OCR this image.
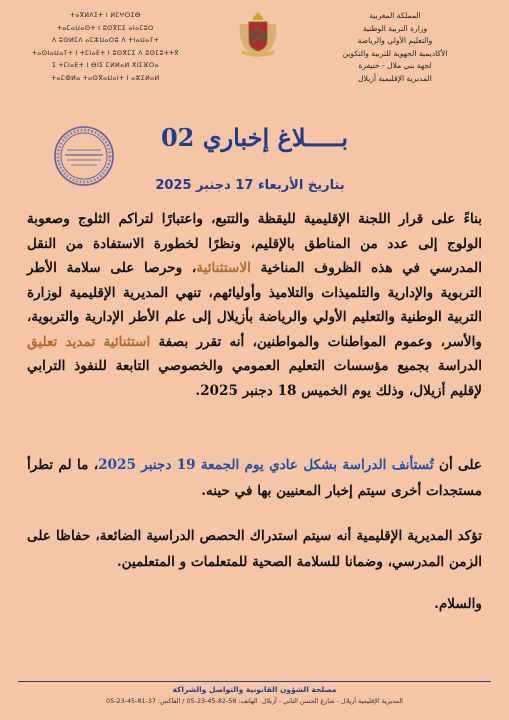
ⵜⴰⴳⵍⴷⵉⵜ ⵏ ⵍⵎⵖⵔⵉⴱ
ⵜⴰⵎⴰⵡⴰⵙⵜ ⵏ ⵓⵙⴳⵎⵉ ⴰⵏⴰⵎⵓⵔ
ⴷ ⵓⵙⵍⵎⴷ ⴰⵎⵣⵡⴰⵔⵓ ⴷ ⵜⵏⴰⵡⴰⵢⵜ
ⵜⴰⵙⵏⴰⵡⴰⵢⵜ ⵏ ⵜⵎⵏⴰⴹⵜ ⵏ ⵓⵙⴳⵎⵉ ⴷ ⵓⵙⵎⵓⵜⵜⴳ
ⵉ ⵜⵎⵏⴰⴹⵜ ⵏ ⴱⵏⵉ ⵎⵍⵍⴰⵍ ⵅⵏⵉⴼⵔⴰ
ⵜⴰⵎⵀⵍⴰ ⵜⴰⵙⴳⴰⵡⴰⵏⵜ ⵏ ⴰⵣⵉⵍⴰⵍ
المملكة المغربية
وزارة التربية الوطنية
والتعليم الأولي والرياضة
الأكاديمية الجهوية للتربية والتكوين
لجهة بني ملال - خنيفرة
المديرية الإقليمية أزيلال
بـــــلاغ إخباري 02
بتاريخ الأربعاء 17 دجنبر 2025
بناءً على قرار اللجنة الإقليمية لليقظة والتتبع، واعتبارًا لتراكم الثلوج وصعوبة الولوج إلى عدد من المناطق بالإقليم، ونظرًا لخطورة الاستفادة من النقل المدرسي في هذه الظروف المناخية الاستثنائية، وحرصا على سلامة الأطر التربوية والإدارية والتلميذات والتلاميذ وأوليائهم، تنهي المديرية الإقليمية لوزارة التربية الوطنية والتعليم الأولي والرياضة بأزيلال إلى علم الأطر الإدارية والتربوية، والأسر، وعموم المواطنات والمواطنين، أنه تقرر بصفة استثنائية تمديد تعليق الدراسة بجميع مؤسسات التعليم العمومي والخصوصي التابعة للنفوذ الترابي لإقليم أزيلال، وذلك يوم الخميس 18 دجنبر 2025.
على أن تُستأنف الدراسة بشكل عادي يوم الجمعة 19 دجنبر 2025، ما لم تطرأ مستجدات أخرى سيتم إخبار المعنيين بها في حينه.
تؤكد المديرية الإقليمية أنه سيتم استدراك الحصص الدراسية الضائعة، حفاظا على الزمن المدرسي، وضمانا للسلامة الصحية للمتعلمات و المتعلمين.
والسلام.
مصلحة الشؤون القانونية والتواصل والشراكة
المديرية الإقليمية أزيلال - شارع الحسن الثاني - أزيلال. الهاتف: 58-82-45-23-05 / الفاكس: 37-81-45-23-05
